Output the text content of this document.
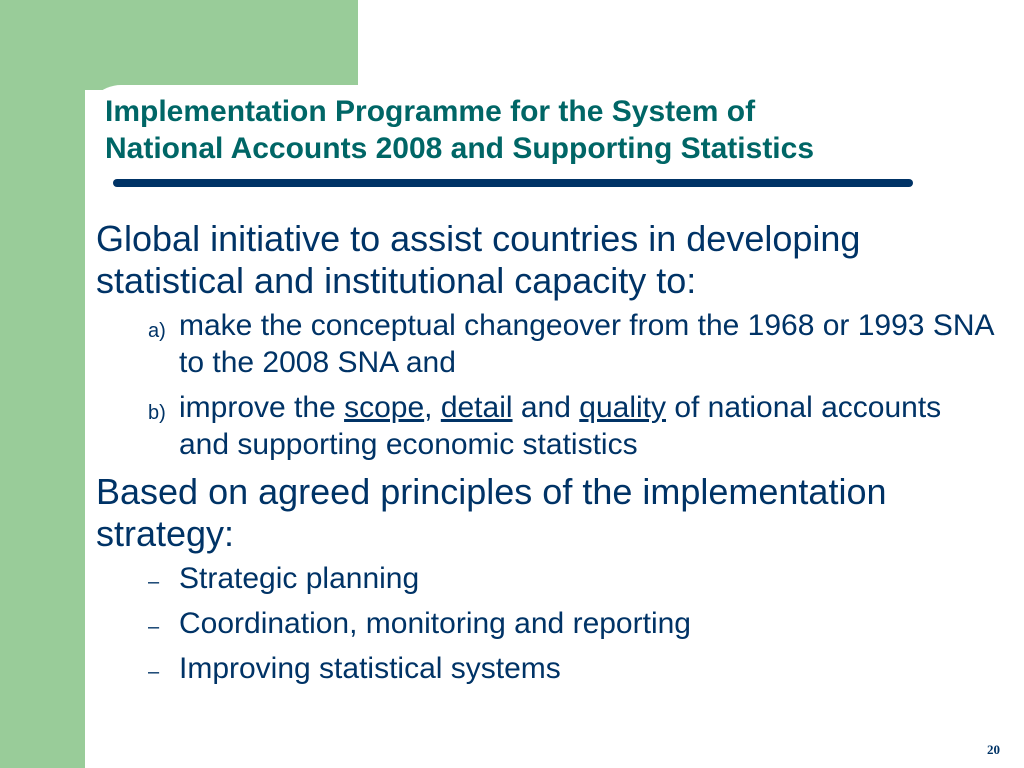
Implementation Programme for the System of
National Accounts 2008 and Supporting Statistics
Global initiative to assist countries in developing statistical and institutional capacity to:
a) make the conceptual changeover from the 1968 or 1993 SNA to the 2008 SNA and
b) improve the scope, detail and quality of national accounts and supporting economic statistics
Based on agreed principles of the implementation strategy:
– Strategic planning
– Coordination, monitoring and reporting
– Improving statistical systems
20
